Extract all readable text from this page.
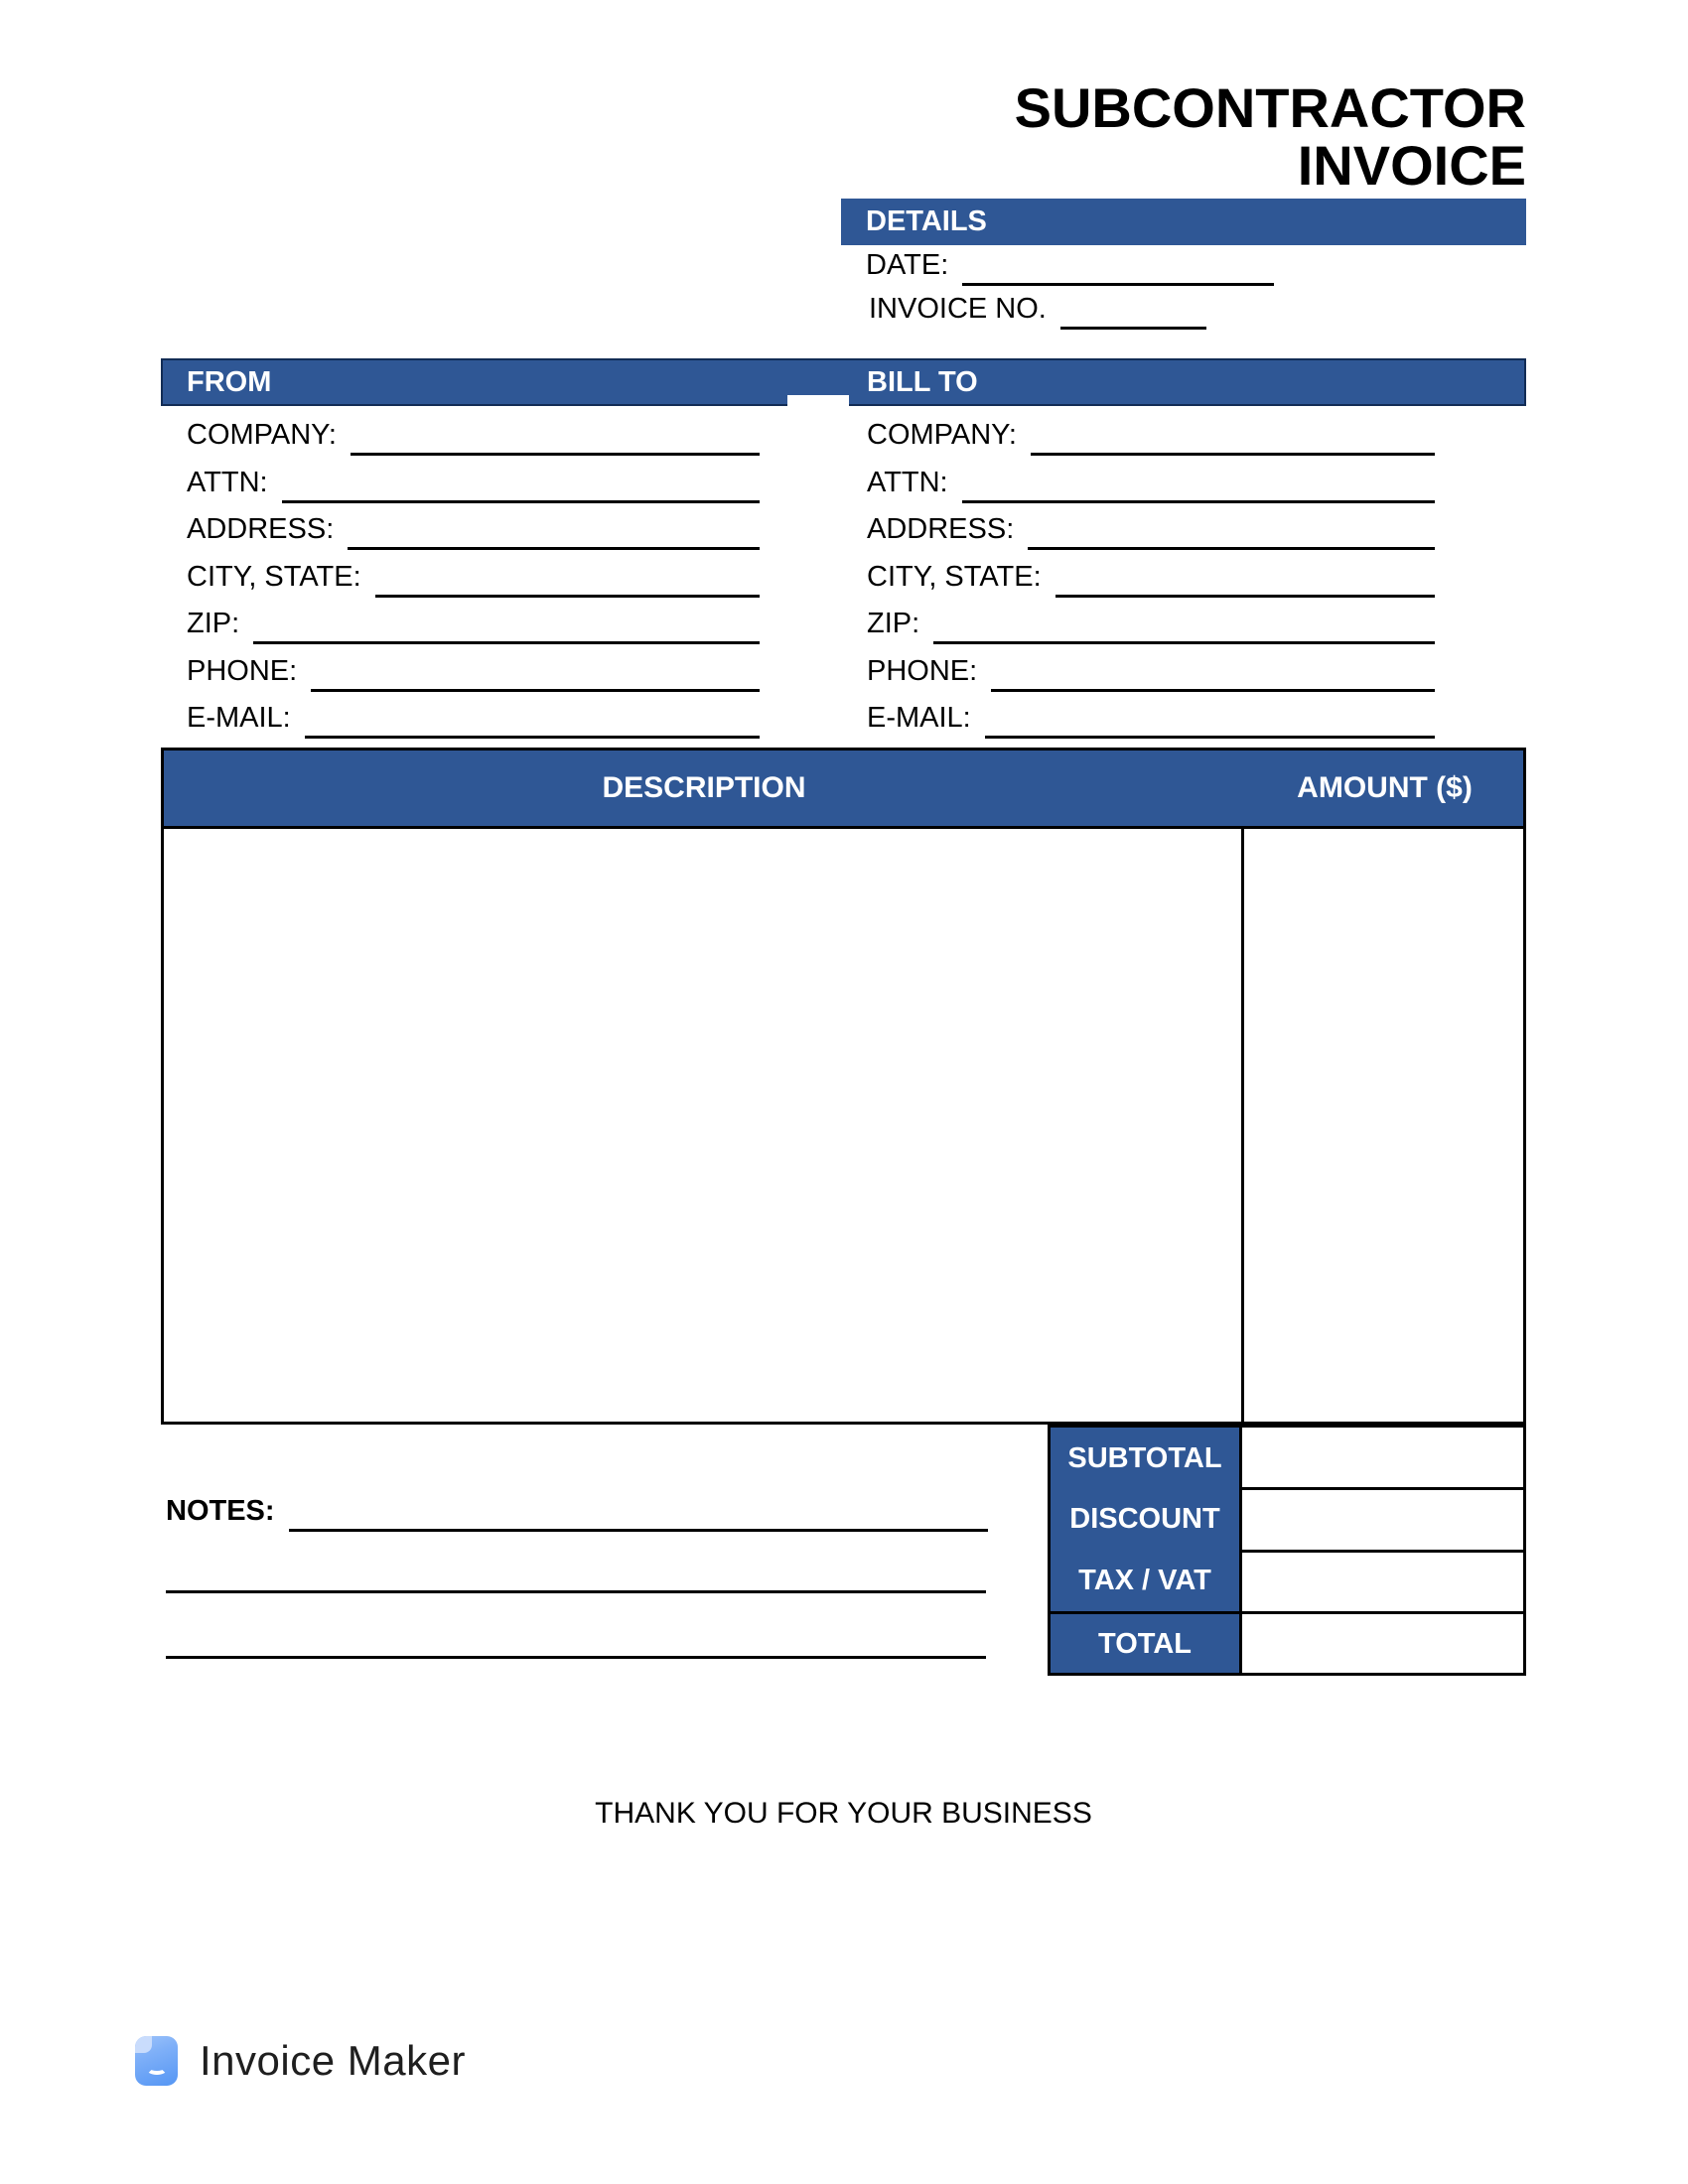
SUBCONTRACTOR
INVOICE
DETAILS
DATE:
INVOICE NO.
FROM	BILL TO
COMPANY:
ATTN:
ADDRESS:
CITY, STATE:
ZIP:
PHONE:
E-MAIL:
COMPANY:
ATTN:
ADDRESS:
CITY, STATE:
ZIP:
PHONE:
E-MAIL:
DESCRIPTION	AMOUNT ($)
SUBTOTAL
DISCOUNT
TAX / VAT
TOTAL
NOTES:
THANK YOU FOR YOUR BUSINESS
Invoice Maker
